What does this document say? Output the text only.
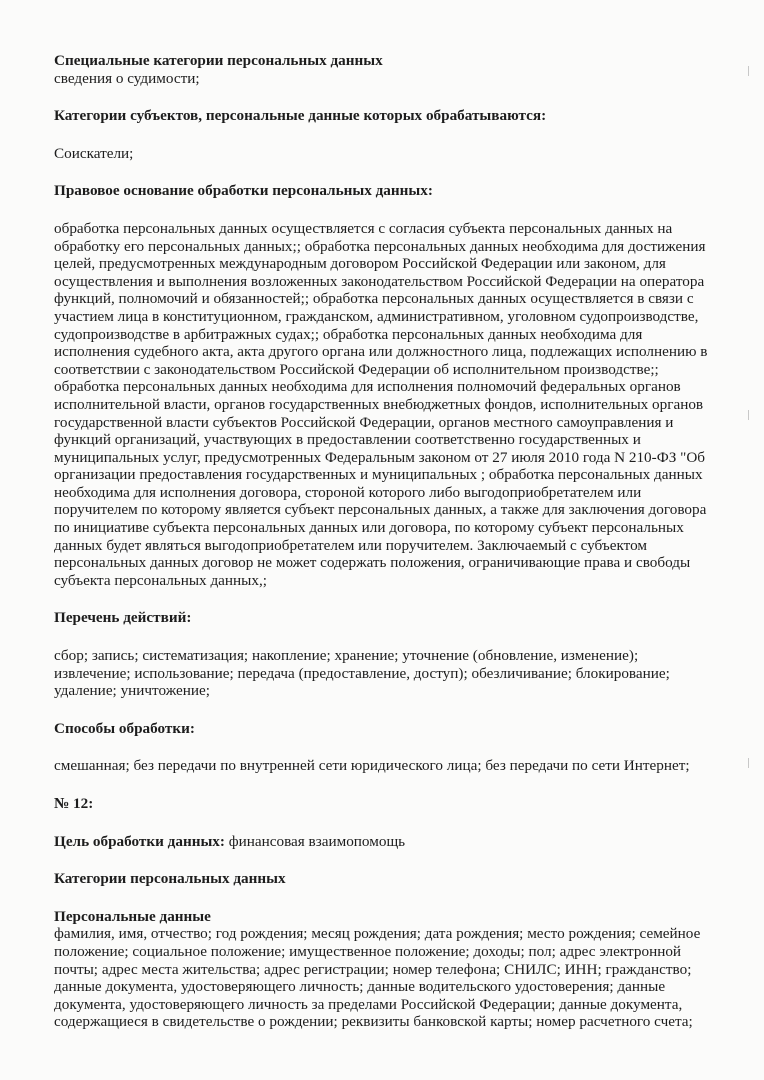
Специальные категории персональных данных

сведения о судимости;

Категории субъектов, персональные данные которых обрабатываются:

Соискатели;

Правовое основание обработки персональных данных:

обработка персональных данных осуществляется с согласия субъекта персональных данных на

обработку его персональных данных;; обработка персональных данных необходима для достижения

целей, предусмотренных международным договором Российской Федерации или законом, для

осуществления и выполнения возложенных законодательством Российской Федерации на оператора

функций, полномочий и обязанностей;; обработка персональных данных осуществляется в связи с

участием лица в конституционном, гражданском, административном, уголовном судопроизводстве,

судопроизводстве в арбитражных судах;; обработка персональных данных необходима для

исполнения судебного акта, акта другого органа или должностного лица, подлежащих исполнению в

соответствии с законодательством Российской Федерации об исполнительном производстве;;

обработка персональных данных необходима для исполнения полномочий федеральных органов

исполнительной власти, органов государственных внебюджетных фондов, исполнительных органов

государственной власти субъектов Российской Федерации, органов местного самоуправления и

функций организаций, участвующих в предоставлении соответственно государственных и

муниципальных услуг, предусмотренных Федеральным законом от 27 июля 2010 года N 210-ФЗ "Об

организации предоставления государственных и муниципальных ; обработка персональных данных

необходима для исполнения договора, стороной которого либо выгодоприобретателем или

поручителем по которому является субъект персональных данных, а также для заключения договора

по инициативе субъекта персональных данных или договора, по которому субъект персональных

данных будет являться выгодоприобретателем или поручителем. Заключаемый с субъектом

персональных данных договор не может содержать положения, ограничивающие права и свободы

субъекта персональных данных,;

Перечень действий:

сбор; запись; систематизация; накопление; хранение; уточнение (обновление, изменение);

извлечение; использование; передача (предоставление, доступ); обезличивание; блокирование;

удаление; уничтожение;

Способы обработки:

смешанная; без передачи по внутренней сети юридического лица; без передачи по сети Интернет;

№ 12:

Цель обработки данных: финансовая взаимопомощь

Категории персональных данных

Персональные данные

фамилия, имя, отчество; год рождения; месяц рождения; дата рождения; место рождения; семейное

положение; социальное положение; имущественное положение; доходы; пол; адрес электронной

почты; адрес места жительства; адрес регистрации; номер телефона; СНИЛС; ИНН; гражданство;

данные документа, удостоверяющего личность; данные водительского удостоверения; данные

документа, удостоверяющего личность за пределами Российской Федерации; данные документа,

содержащиеся в свидетельстве о рождении; реквизиты банковской карты; номер расчетного счета;
